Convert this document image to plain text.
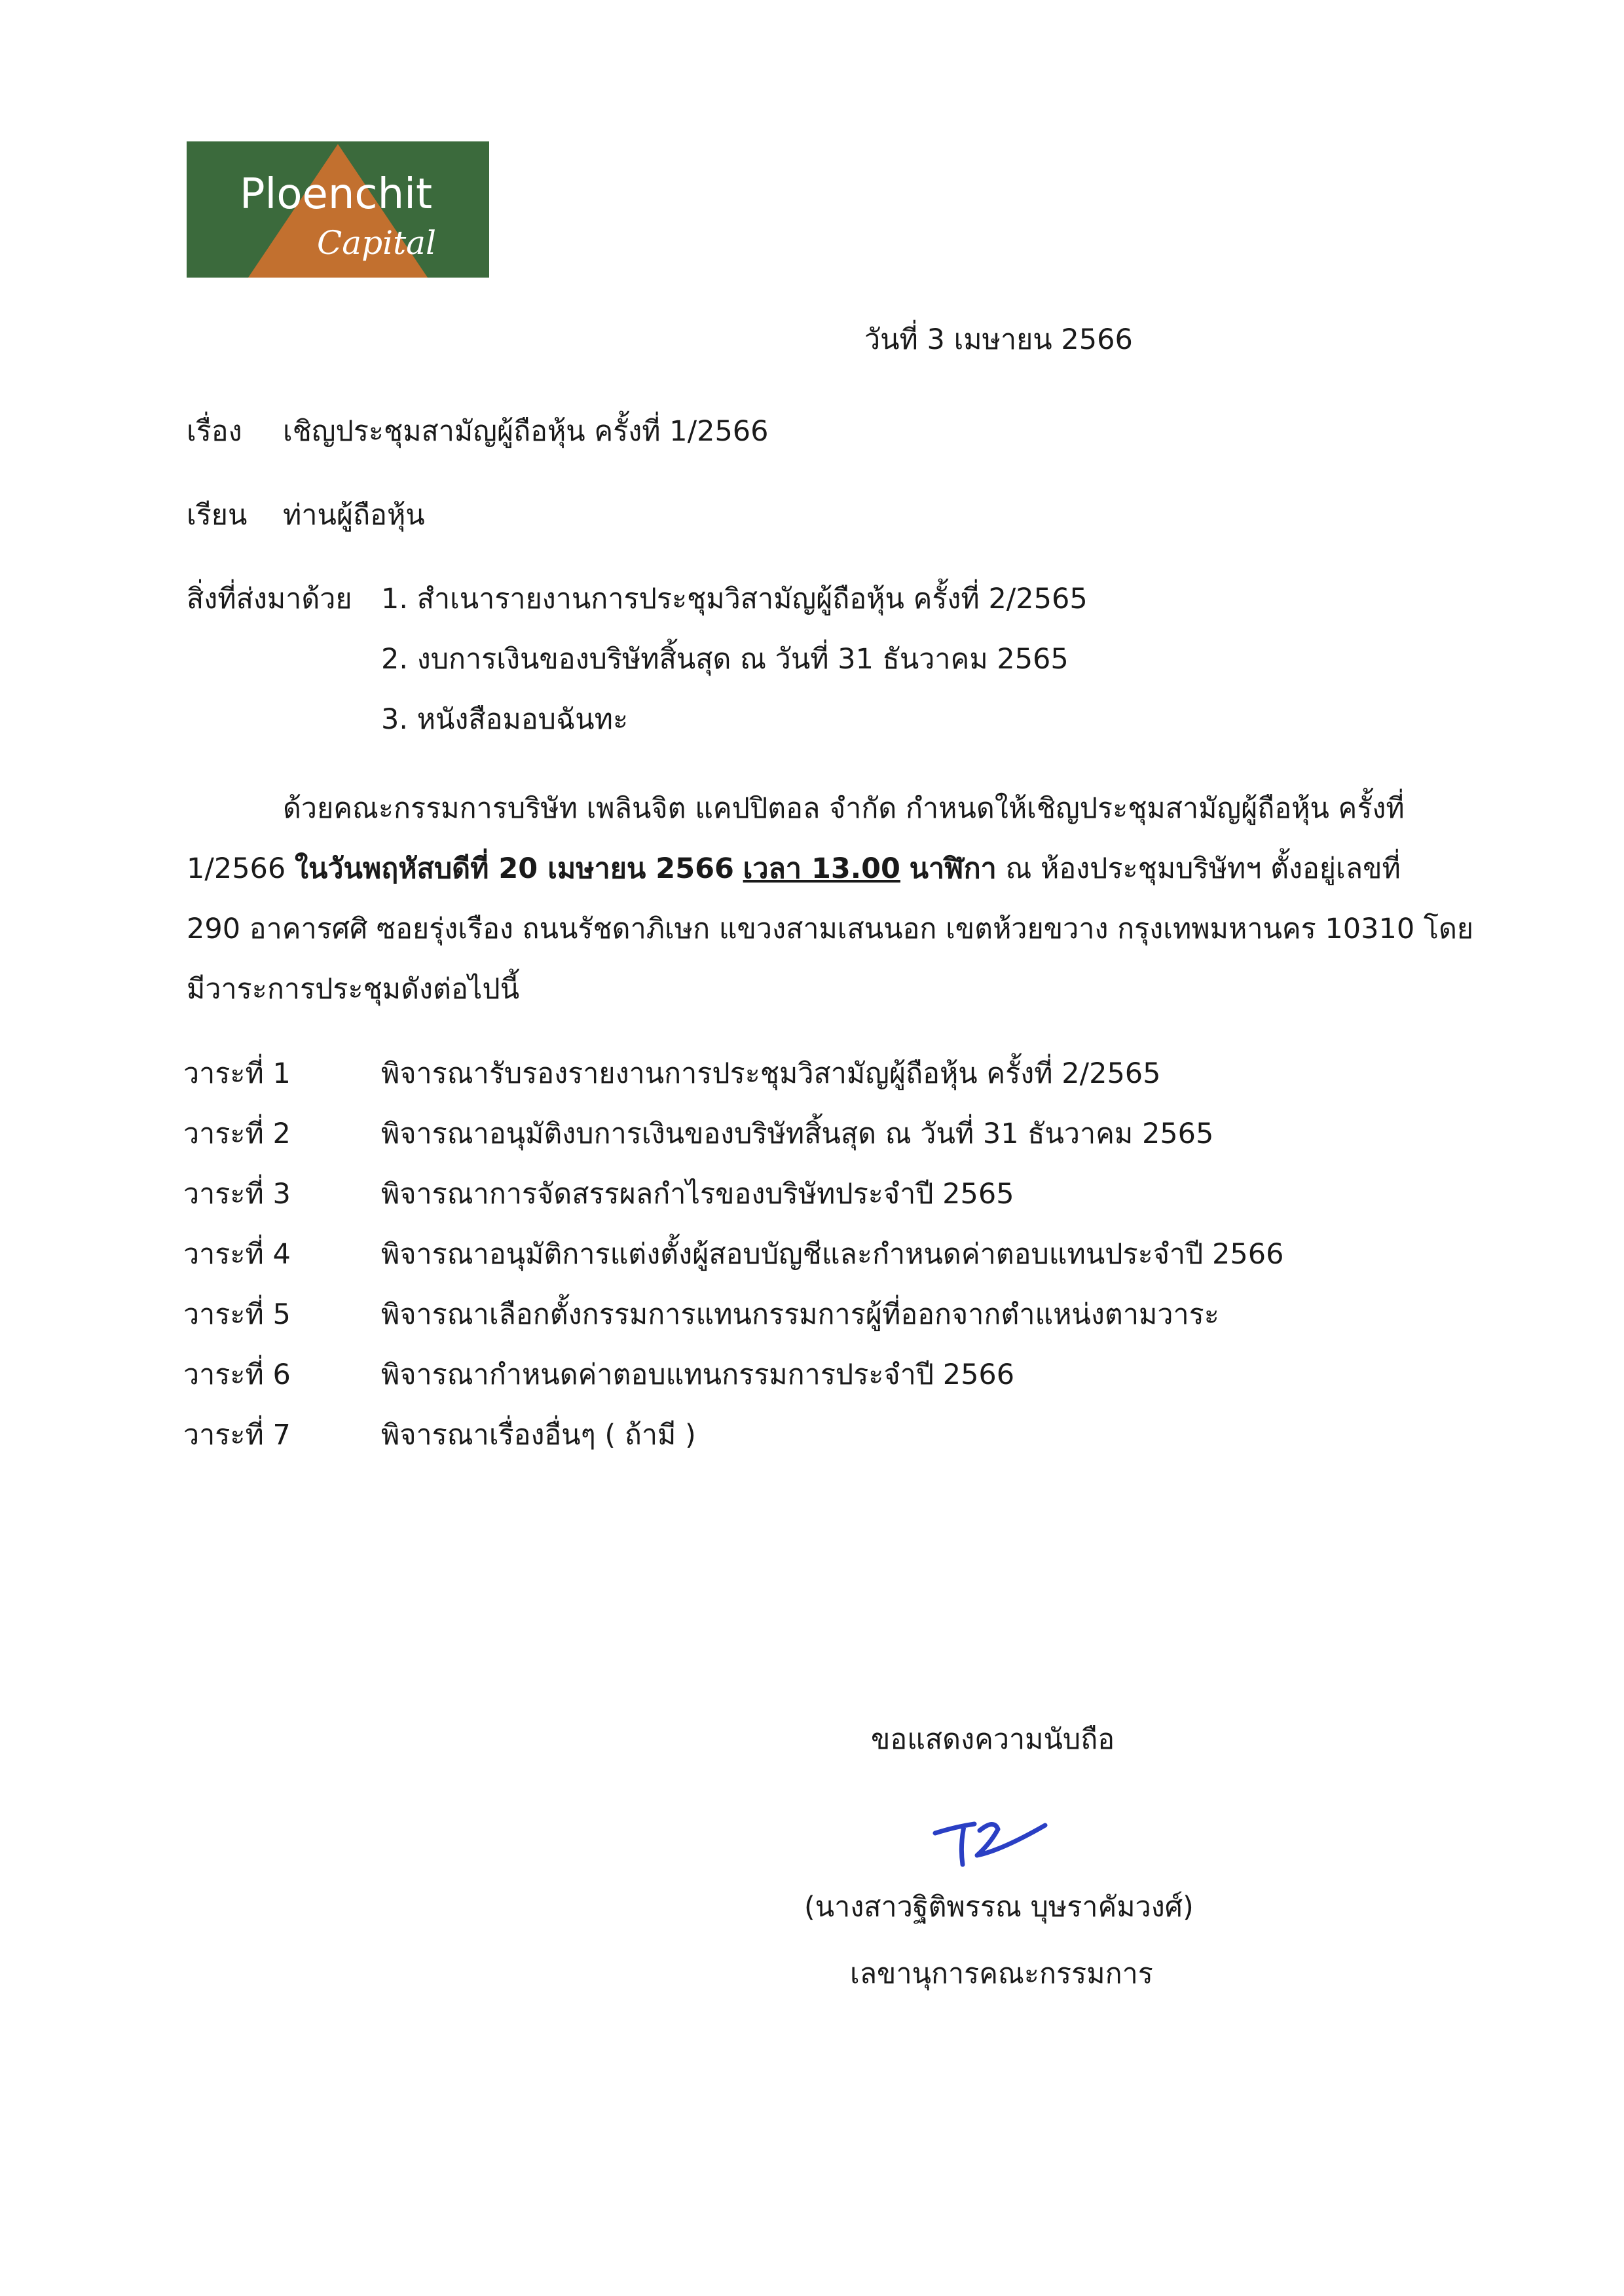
Ploenchit
Capital
วันที่ 3 เมษายน 2566
เรื่อง เชิญประชุมสามัญผู้ถือหุ้น ครั้งที่ 1/2566
เรียน ท่านผู้ถือหุ้น
สิ่งที่ส่งมาด้วย 1. สำเนารายงานการประชุมวิสามัญผู้ถือหุ้น ครั้งที่ 2/2565
2. งบการเงินของบริษัทสิ้นสุด ณ วันที่ 31 ธันวาคม 2565
3. หนังสือมอบฉันทะ
ด้วยคณะกรรมการบริษัท เพลินจิต แคปปิตอล จำกัด กำหนดให้เชิญประชุมสามัญผู้ถือหุ้น ครั้งที่
1/2566 ในวันพฤหัสบดีที่ 20 เมษายน 2566 เวลา 13.00 นาฬิกา ณ ห้องประชุมบริษัทฯ ตั้งอยู่เลขที่
290 อาคารศศิ ซอยรุ่งเรือง ถนนรัชดาภิเษก แขวงสามเสนนอก เขตห้วยขวาง กรุงเทพมหานคร 10310 โดย
มีวาระการประชุมดังต่อไปนี้
วาระที่ 1	พิจารณารับรองรายงานการประชุมวิสามัญผู้ถือหุ้น ครั้งที่ 2/2565
วาระที่ 2	พิจารณาอนุมัติงบการเงินของบริษัทสิ้นสุด ณ วันที่ 31 ธันวาคม 2565
วาระที่ 3	พิจารณาการจัดสรรผลกำไรของบริษัทประจำปี 2565
วาระที่ 4	พิจารณาอนุมัติการแต่งตั้งผู้สอบบัญชีและกำหนดค่าตอบแทนประจำปี 2566
วาระที่ 5	พิจารณาเลือกตั้งกรรมการแทนกรรมการผู้ที่ออกจากตำแหน่งตามวาระ
วาระที่ 6	พิจารณากำหนดค่าตอบแทนกรรมการประจำปี 2566
วาระที่ 7	พิจารณาเรื่องอื่นๆ ( ถ้ามี )
ขอแสดงความนับถือ
(นางสาวฐิติพรรณ บุษราคัมวงศ์)
เลขานุการคณะกรรมการ
